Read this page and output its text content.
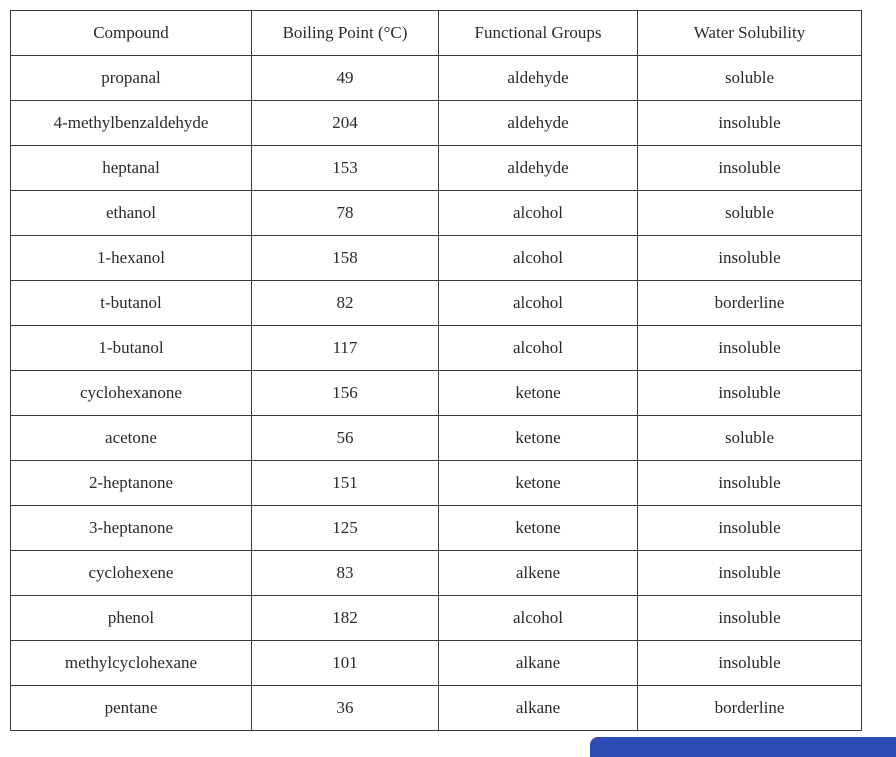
Compound	Boiling Point (°C)	Functional Groups	Water Solubility
propanal	49	aldehyde	soluble
4-methylbenzaldehyde	204	aldehyde	insoluble
heptanal	153	aldehyde	insoluble
ethanol	78	alcohol	soluble
1-hexanol	158	alcohol	insoluble
t-butanol	82	alcohol	borderline
1-butanol	117	alcohol	insoluble
cyclohexanone	156	ketone	insoluble
acetone	56	ketone	soluble
2-heptanone	151	ketone	insoluble
3-heptanone	125	ketone	insoluble
cyclohexene	83	alkene	insoluble
phenol	182	alcohol	insoluble
methylcyclohexane	101	alkane	insoluble
pentane	36	alkane	borderline
